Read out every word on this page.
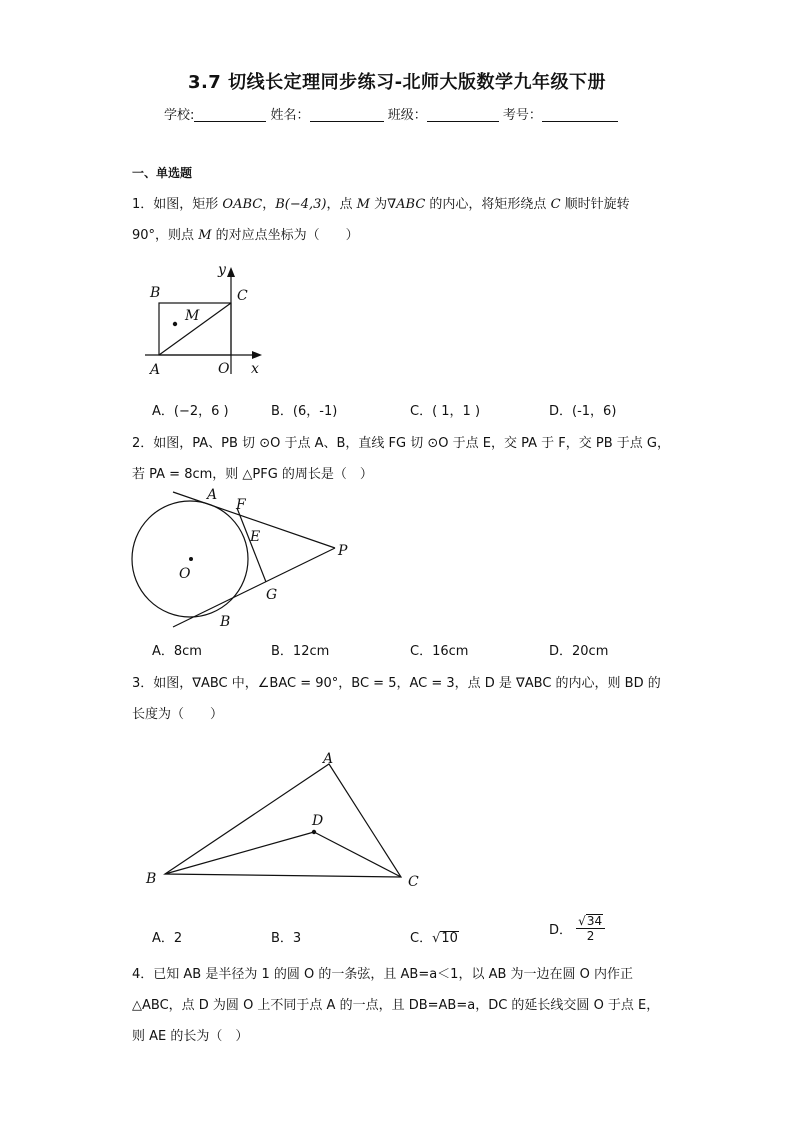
3.7 切线长定理同步练习-北师大版数学九年级下册
学校:	姓名：	班级：	考号：
一、单选题
1．如图，矩形 OABC，B(−4,3)，点 M 为∇ABC 的内心，将矩形绕点 C 顺时针旋转
90°，则点 M 的对应点坐标为（　　）
B	C
M
A	O x
y
A．(−2，6 )	B．(6，-1)	C．( 1，1 )	D．(-1，6)
2．如图，PA、PB 切 ⊙O 于点 A、B，直线 FG 切 ⊙O 于点 E，交 PA 于 F，交 PB 于点 G，
若 PA = 8cm，则 △PFG 的周长是（　）
A
F
E
P
O
G
B
A．8cm	B．12cm	C．16cm	D．20cm
3．如图，∇ABC 中，∠BAC = 90°，BC = 5，AC = 3，点 D 是 ∇ABC 的内心，则 BD 的
长度为（　　）
A
D
B	C
A．2	B．3	C．√10
D． $\frac{√34}{2}$
4．已知 AB 是半径为 1 的圆 O 的一条弦，且 AB=a＜1，以 AB 为一边在圆 O 内作正
△ABC，点 D 为圆 O 上不同于点 A 的一点，且 DB=AB=a，DC 的延长线交圆 O 于点 E，
则 AE 的长为（　）
